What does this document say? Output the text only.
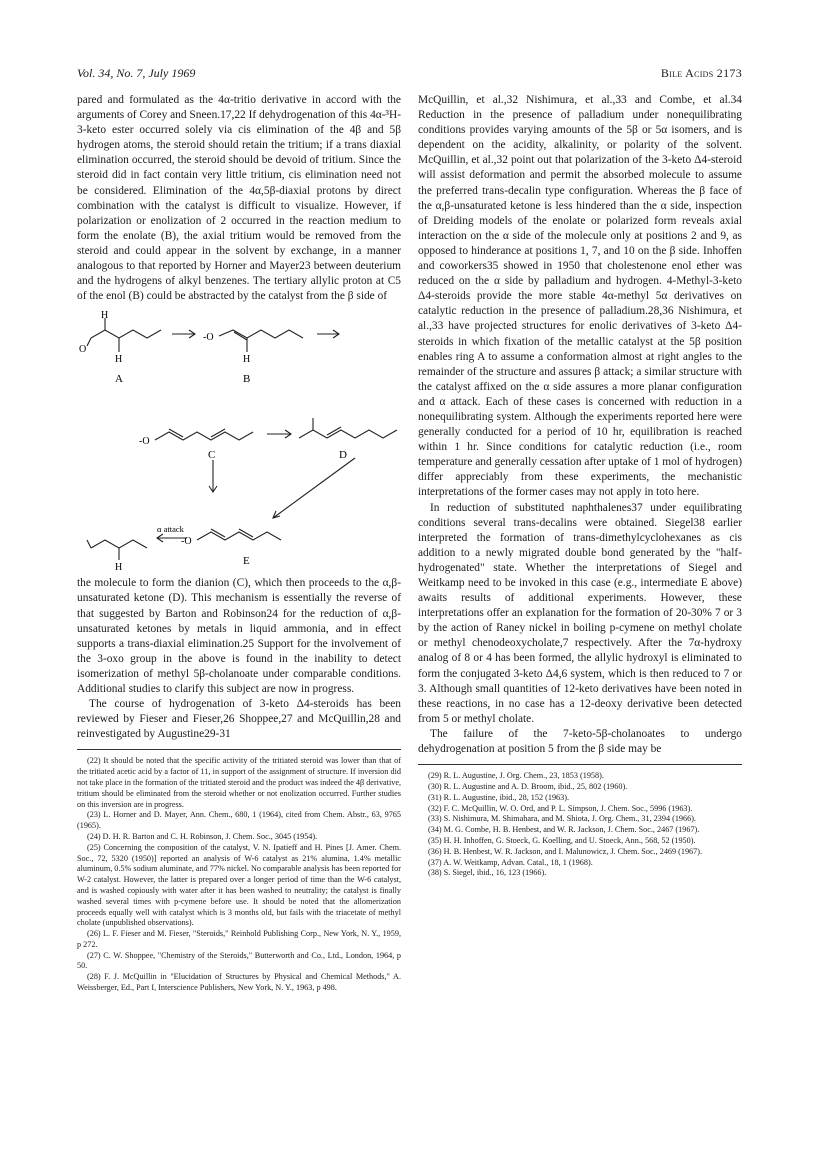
Vol. 34, No. 7, July 1969	Bile Acids 2173

pared and formulated as the 4α-tritio derivative in accord with the arguments of Corey and Sneen.17,22 If dehydrogenation of this 4α-³H-3-keto ester occurred solely via cis elimination of the 4β and 5β hydrogen atoms, the steroid should retain the tritium; if a trans diaxial elimination occurred, the steroid should be devoid of tritium. Since the steroid did in fact contain very little tritium, cis elimination need not be considered. Elimination of the 4α,5β-diaxial protons by direct combination with the catalyst is difficult to visualize. However, if polarization or enolization of 2 occurred in the reaction medium to form the enolate (B), the axial tritium would be removed from the steroid and could appear in the solvent by exchange, in a manner analogous to that reported by Horner and Mayer23 between deuterium and the hydrogens of alkyl benzenes. The tertiary allylic proton at C5 of the enol (B) could be abstracted by the catalyst from the β side of

H
H	H
H
O
-O
-O
-O
A	B
C	D
E
α attack

the molecule to form the dianion (C), which then proceeds to the α,β-unsaturated ketone (D). This mechanism is essentially the reverse of that suggested by Barton and Robinson24 for the reduction of α,β-unsaturated ketones by metals in liquid ammonia, and in effect supports a trans-diaxial elimination.25 Support for the involvement of the 3-oxo group in the above is found in the inability to detect isomerization of methyl 5β-cholanoate under comparable conditions. Additional studies to clarify this subject are now in progress.

The course of hydrogenation of 3-keto Δ4-steroids has been reviewed by Fieser and Fieser,26 Shoppee,27 and McQuillin,28 and reinvestigated by Augustine29-31

(22) It should be noted that the specific activity of the tritiated steroid was lower than that of the tritiated acetic acid by a factor of 11, in support of the assignment of structure. If inversion did not take place in the formation of the tritiated steroid and the product was indeed the 4β derivative, tritium should be eliminated from the steroid whether or not enolization occurred. Further studies on this inversion are in progress.

(23) L. Horner and D. Mayer, Ann. Chem., 680, 1 (1964), cited from Chem. Abstr., 63, 9765 (1965).

(24) D. H. R. Barton and C. H. Robinson, J. Chem. Soc., 3045 (1954).

(25) Concerning the composition of the catalyst, V. N. Ipatieff and H. Pines [J. Amer. Chem. Soc., 72, 5320 (1950)] reported an analysis of W-6 catalyst as 21% alumina, 1.4% metallic aluminum, 0.5% sodium aluminate, and 77% nickel. No comparable analysis has been reported for W-2 catalyst. However, the latter is prepared over a longer period of time than the W-6 catalyst, and is washed copiously with water after it has been washed to neutrality; the catalyst is finally washed several times with p-cymene before use. It should be noted that the allomerization proceeds equally well with catalyst which is 3 months old, but fails with the triacetate of methyl cholate (unpublished observations).

(26) L. F. Fieser and M. Fieser, "Steroids," Reinhold Publishing Corp., New York, N. Y., 1959, p 272.

(27) C. W. Shoppee, "Chemistry of the Steroids," Butterworth and Co., Ltd., London, 1964, p 50.

(28) F. J. McQuillin in "Elucidation of Structures by Physical and Chemical Methods," A. Weissberger, Ed., Part I, Interscience Publishers, New York, N. Y., 1963, p 498.

McQuillin, et al.,32 Nishimura, et al.,33 and Combe, et al.34 Reduction in the presence of palladium under nonequilibrating conditions provides varying amounts of the 5β or 5α isomers, and is dependent on the acidity, alkalinity, or polarity of the solvent. McQuillin, et al.,32 point out that polarization of the 3-keto Δ4-steroid will assist deformation and permit the absorbed molecule to assume the preferred trans-decalin type configuration. Whereas the β face of the α,β-unsaturated ketone is less hindered than the α side, inspection of Dreiding models of the enolate or polarized form reveals axial interaction on the α side of the molecule only at positions 2 and 9, as opposed to hinderance at positions 1, 7, and 10 on the β side. Inhoffen and coworkers35 showed in 1950 that cholestenone enol ether was reduced on the α side by palladium and hydrogen. 4-Methyl-3-keto Δ4-steroids provide the more stable 4α-methyl 5α derivatives on catalytic reduction in the presence of palladium.28,36 Nishimura, et al.,33 have projected structures for enolic derivatives of 3-keto Δ4-steroids in which fixation of the metallic catalyst at the 5β position enables ring A to assume a conformation almost at right angles to the remainder of the structure and assures β attack; a similar structure with the catalyst affixed on the α side assures a more planar configuration and α attack. Each of these cases is concerned with reduction in a nonequilibrating system. Although the experiments reported here were generally conducted for a period of 10 hr, equilibration is reached within 1 hr. Since conditions for catalytic reduction (i.e., room temperature and generally cessation after uptake of 1 mol of hydrogen) differ appreciably from these experiments, the mechanistic interpretations of the former cases may not apply in toto here.

In reduction of substituted naphthalenes37 under equilibrating conditions several trans-decalins were obtained. Siegel38 earlier interpreted the formation of trans-dimethylcyclohexanes as cis addition to a newly migrated double bond generated by the "half-hydrogenated" state. Whether the interpretations of Siegel and Weitkamp need to be invoked in this case (e.g., intermediate E above) awaits results of additional experiments. However, these interpretations offer an explanation for the formation of 20-30% 7 or 3 by the action of Raney nickel in boiling p-cymene on methyl cholate or methyl chenodeoxycholate,7 respectively. After the 7α-hydroxy analog of 8 or 4 has been formed, the allylic hydroxyl is eliminated to form the conjugated 3-keto Δ4,6 system, which is then reduced to 7 or 3. Although small quantities of 12-keto derivatives have been noted in these reactions, in no case has a 12-deoxy derivative been detected from 5 or methyl cholate.

The failure of the 7-keto-5β-cholanoates to undergo dehydrogenation at position 5 from the β side may be

(29) R. L. Augustine, J. Org. Chem., 23, 1853 (1958).

(30) R. L. Augustine and A. D. Broom, ibid., 25, 802 (1960).

(31) R. L. Augustine, ibid., 28, 152 (1963).

(32) F. C. McQuillin, W. O. Ord, and P. L. Simpson, J. Chem. Soc., 5996 (1963).

(33) S. Nishimura, M. Shimahara, and M. Shiota, J. Org. Chem., 31, 2394 (1966).

(34) M. G. Combe, H. B. Henbest, and W. R. Jackson, J. Chem. Soc., 2467 (1967).

(35) H. H. Inhoffen, G. Stoeck, G. Koelling, and U. Stoeck, Ann., 568, 52 (1950).

(36) H. B. Henbest, W. R. Jackson, and I. Malunowicz, J. Chem. Soc., 2469 (1967).

(37) A. W. Weitkamp, Advan. Catal., 18, 1 (1968).

(38) S. Siegel, ibid., 16, 123 (1966).
